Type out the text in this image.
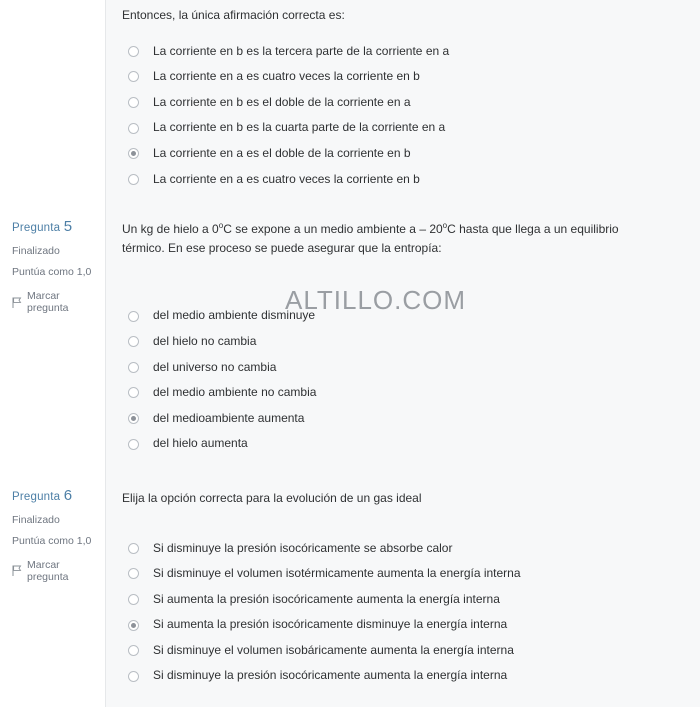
Entonces, la única afirmación correcta es:

La corriente en b es la tercera parte de la corriente en a
La corriente en a es cuatro veces la corriente en b
La corriente en b es el doble de la corriente en a
La corriente en b es la cuarta parte de la corriente en a
La corriente en a es el doble de la corriente en b
La corriente en a es cuatro veces la corriente en b
Pregunta 5
Finalizado
Puntúa como 1,0
Marcar pregunta

Un kg de hielo a 0$^o$C se expone a un medio ambiente a – 20$^o$C hasta que llega a un equilibrio térmico. En ese proceso se puede asegurar que la entropía:

del medio ambiente disminuye
del hielo no cambia
del universo no cambia
del medio ambiente no cambia
del medioambiente aumenta
del hielo aumenta
Pregunta 6
Finalizado
Puntúa como 1,0
Marcar pregunta

Elija la opción correcta para la evolución de un gas ideal

Si disminuye la presión isocóricamente se absorbe calor
Si disminuye el volumen isotérmicamente aumenta la energía interna
Si aumenta la presión isocóricamente aumenta la energía interna
Si aumenta la presión isocóricamente disminuye la energía interna
Si disminuye el volumen isobáricamente aumenta la energía interna
Si disminuye la presión isocóricamente aumenta la energía interna
ALTILLO.COM
